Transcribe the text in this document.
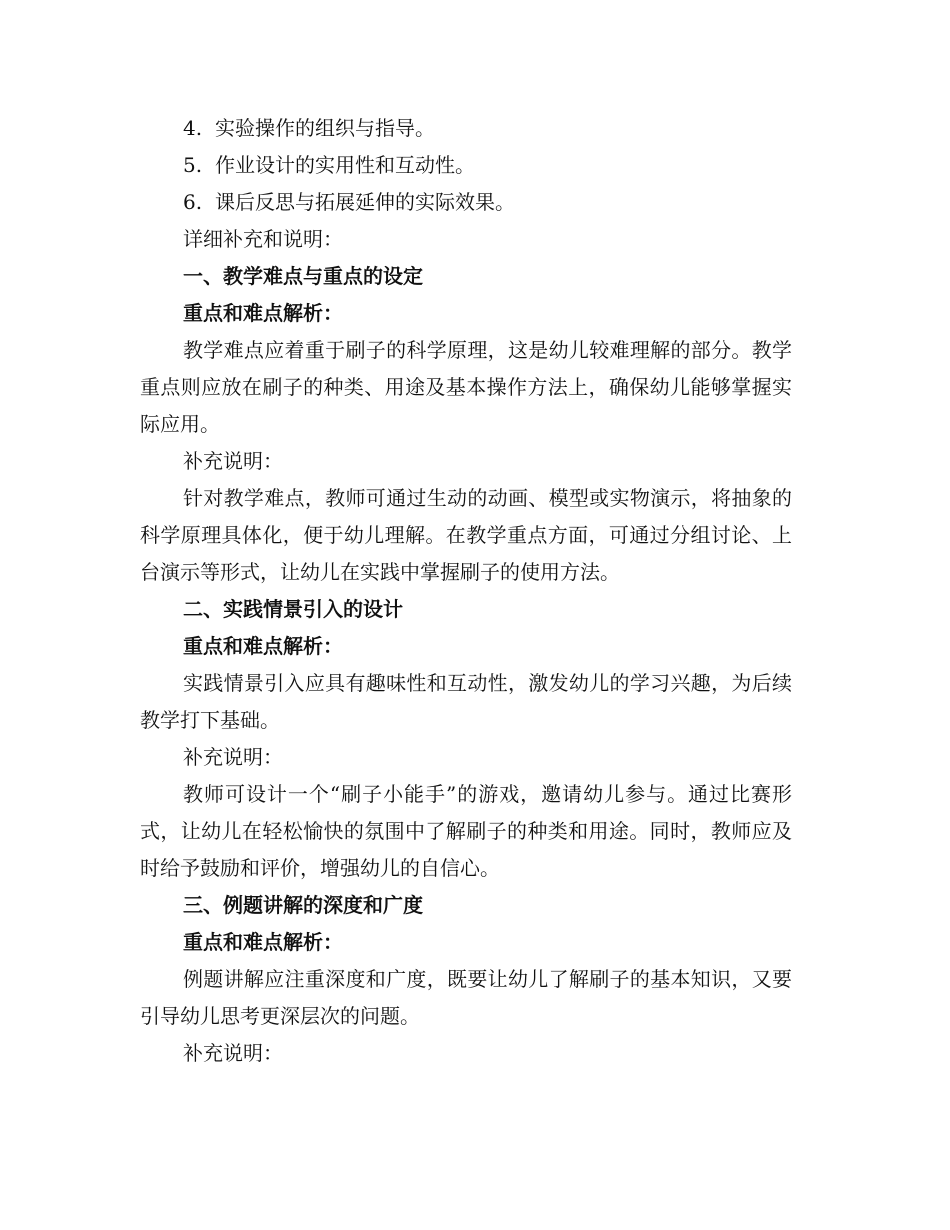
4. 实验操作的组织与指导。

5. 作业设计的实用性和互动性。

6. 课后反思与拓展延伸的实际效果。

详细补充和说明：

一、教学难点与重点的设定

重点和难点解析：

教学难点应着重于刷子的科学原理，这是幼儿较难理解的部分。教学重点则应放在刷子的种类、用途及基本操作方法上，确保幼儿能够掌握实际应用。

补充说明：

针对教学难点，教师可通过生动的动画、模型或实物演示，将抽象的科学原理具体化，便于幼儿理解。在教学重点方面，可通过分组讨论、上台演示等形式，让幼儿在实践中掌握刷子的使用方法。

二、实践情景引入的设计

重点和难点解析：

实践情景引入应具有趣味性和互动性，激发幼儿的学习兴趣，为后续教学打下基础。

补充说明：

教师可设计一个“刷子小能手”的游戏，邀请幼儿参与。通过比赛形式，让幼儿在轻松愉快的氛围中了解刷子的种类和用途。同时，教师应及时给予鼓励和评价，增强幼儿的自信心。

三、例题讲解的深度和广度

重点和难点解析：

例题讲解应注重深度和广度，既要让幼儿了解刷子的基本知识，又要引导幼儿思考更深层次的问题。

补充说明：
